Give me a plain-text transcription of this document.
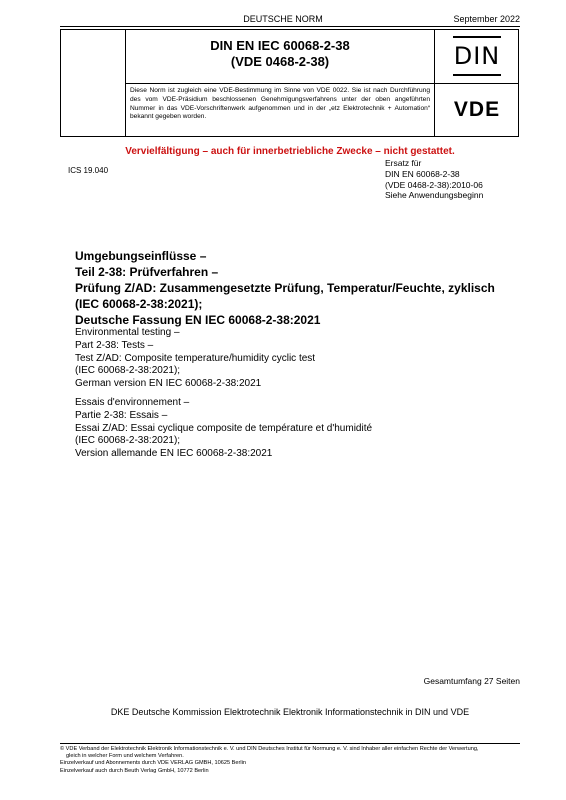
DEUTSCHE NORM	September 2022
DIN EN IEC 60068-2-38
(VDE 0468-2-38)	DIN
Diese Norm ist zugleich eine VDE-Bestimmung im Sinne von VDE 0022. Sie ist nach Durchführung des vom VDE-Präsidium beschlossenen Genehmigungsverfahrens unter der oben angeführten Nummer in das VDE-Vorschriftenwerk aufgenommen und in der „etz Elektrotechnik + Automation“ bekannt gegeben worden.	VDE
Vervielfältigung – auch für innerbetriebliche Zwecke – nicht gestattet.
ICS 19.040
Ersatz für
DIN EN 60068-2-38
(VDE 0468-2-38):2010-06
Siehe Anwendungsbeginn
Umgebungseinflüsse –
Teil 2-38: Prüfverfahren –
Prüfung Z/AD: Zusammengesetzte Prüfung, Temperatur/Feuchte, zyklisch
(IEC 60068-2-38:2021);
Deutsche Fassung EN IEC 60068-2-38:2021
Environmental testing –
Part 2-38: Tests –
Test Z/AD: Composite temperature/humidity cyclic test
(IEC 60068-2-38:2021);
German version EN IEC 60068-2-38:2021
Essais d'environnement –
Partie 2-38: Essais –
Essai Z/AD: Essai cyclique composite de température et d'humidité
(IEC 60068-2-38:2021);
Version allemande EN IEC 60068-2-38:2021
Gesamtumfang 27 Seiten
DKE Deutsche Kommission Elektrotechnik Elektronik Informationstechnik in DIN und VDE
© VDE Verband der Elektrotechnik Elektronik Informationstechnik e. V. und DIN Deutsches Institut für Normung e. V. sind Inhaber aller einfachen Rechte der Verwertung,
gleich in welcher Form und welchem Verfahren.
Einzelverkauf und Abonnements durch VDE VERLAG GMBH, 10625 Berlin
Einzelverkauf auch durch Beuth Verlag GmbH, 10772 Berlin
